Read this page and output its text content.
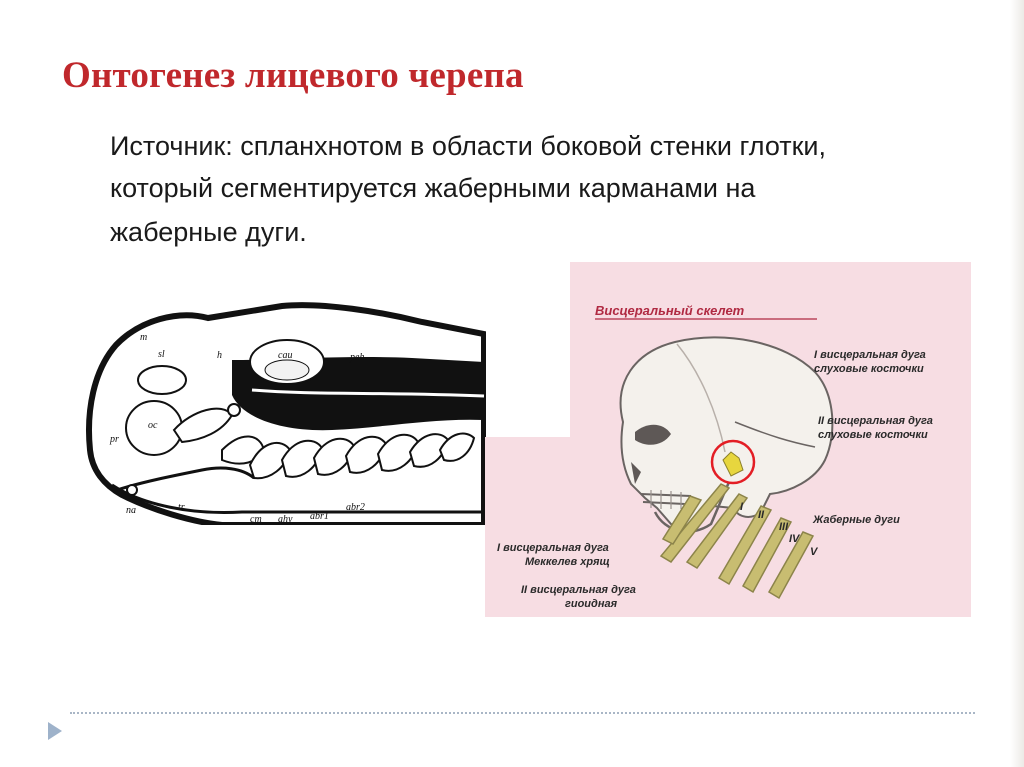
Онтогенез лицевого черепа

Источник: спланхнотом в области боковой стенки глотки,

который сегментируется жаберными карманами на

жаберные дуги.

m
sl	h	cau	peh
oc
pr
na	tr
cm ahy abr1
abr2
Висцеральный скелет
I
II
III
IV
V
I висцеральная дуга
слуховые косточки
II висцеральная дуга
слуховые косточки
Жаберные дуги
I висцеральная дуга
Меккелев хрящ
II висцеральная дуга
гиоидная
